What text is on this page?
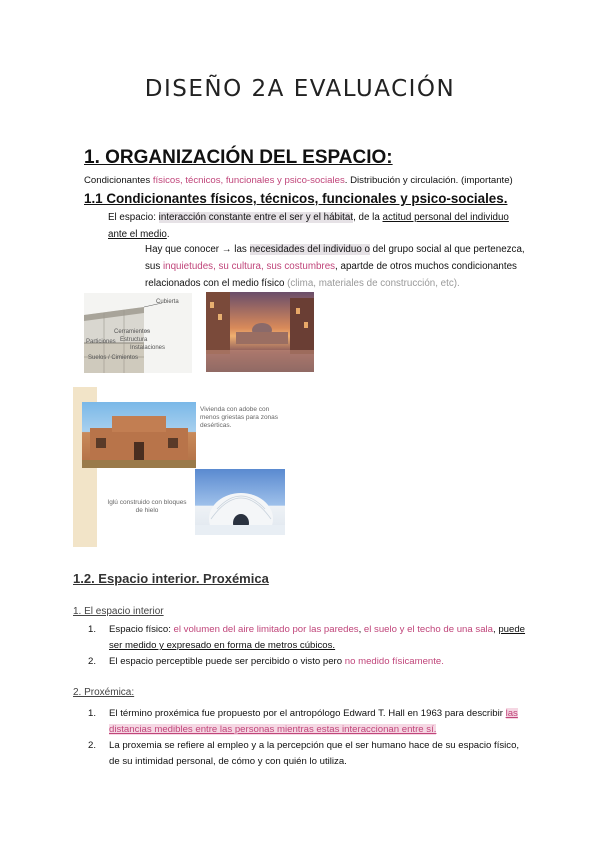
DISEÑO 2A EVALUACIÓN
1. ORGANIZACIÓN DEL ESPACIO:
Condicionantes físicos, técnicos, funcionales y psico-sociales. Distribución y circulación. (importante)
1.1 Condicionantes físicos, técnicos, funcionales y psico-sociales.
El espacio: interacción constante entre el ser y el hábitat, de la actitud personal del individuo ante el medio.
Hay que conocer → las necesidades del individuo o del grupo social al que pertenezca, sus inquietudes, su cultura, sus costumbres, apartde de otros muchos condicionantes relacionados con el medio físico (clima, materiales de construcción, etc).
Cubierta
Cerramientos
Estructura
Particiones
Instalaciones
Suelos / Cimientos
Vivienda con adobe con menos griestas para zonas desérticas.
Iglú construido con bloques de hielo
1.2. Espacio interior. Proxémica
1. El espacio interior
1.	Espacio físico: el volumen del aire limitado por las paredes, el suelo y el techo de una sala, puede ser medido y expresado en forma de metros cúbicos.
2.	El espacio perceptible puede ser percibido o visto pero no medido físicamente.
2. Proxémica:
1.	El término proxémica fue propuesto por el antropólogo Edward T. Hall en 1963 para describir las distancias medibles entre las personas mientras estas interaccionan entre sí.
2.	La proxemia se refiere al empleo y a la percepción que el ser humano hace de su espacio físico, de su intimidad personal, de cómo y con quién lo utiliza.
